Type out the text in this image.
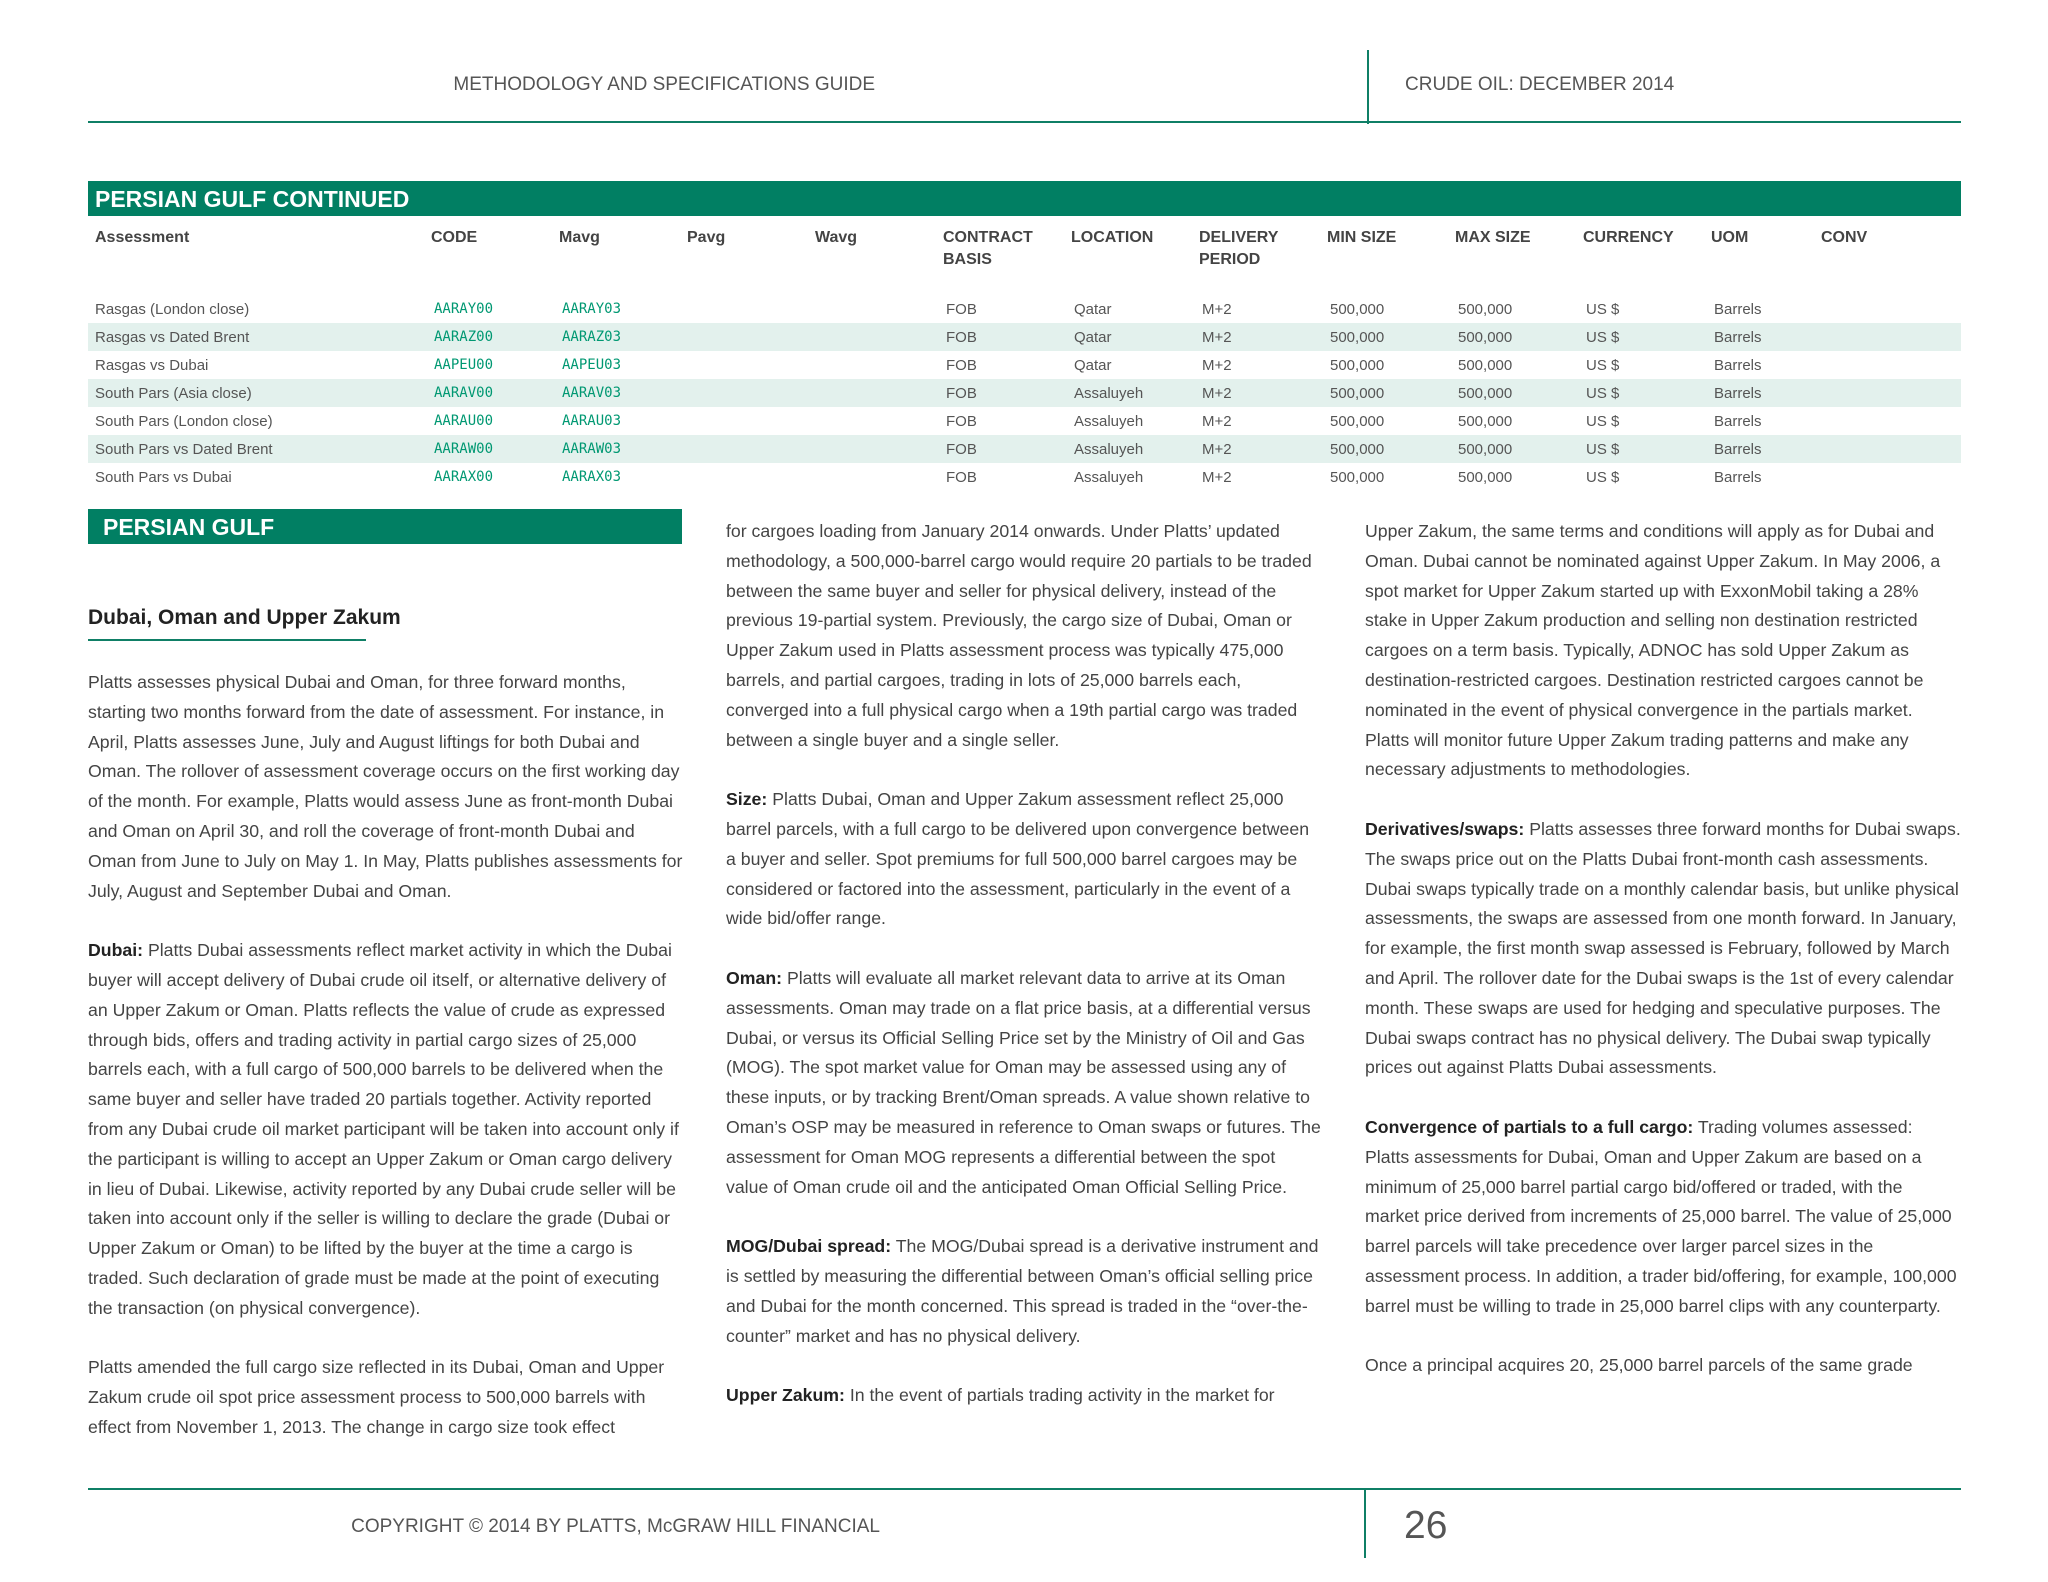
METHODOLOGY AND SPECIFICATIONS GUIDE	CRUDE OIL: DECEMBER 2014
PERSIAN GULF CONTINUED
Assessment	CODE	Mavg	Pavg	Wavg	CONTRACT BASIS	LOCATION	DELIVERY PERIOD	MIN SIZE	MAX SIZE	CURRENCY	UOM	CONV
Rasgas (London close)	AARAY00	AARAY03			FOB	Qatar	M+2	500,000	500,000	US $	Barrels	
Rasgas vs Dated Brent	AARAZ00	AARAZ03			FOB	Qatar	M+2	500,000	500,000	US $	Barrels	
Rasgas vs Dubai	AAPEU00	AAPEU03			FOB	Qatar	M+2	500,000	500,000	US $	Barrels	
South Pars (Asia close)	AARAV00	AARAV03			FOB	Assaluyeh	M+2	500,000	500,000	US $	Barrels	
South Pars (London close)	AARAU00	AARAU03			FOB	Assaluyeh	M+2	500,000	500,000	US $	Barrels	
South Pars vs Dated Brent	AARAW00	AARAW03			FOB	Assaluyeh	M+2	500,000	500,000	US $	Barrels	
South Pars vs Dubai	AARAX00	AARAX03			FOB	Assaluyeh	M+2	500,000	500,000	US $	Barrels	
PERSIAN GULF
Dubai, Oman and Upper Zakum

Platts assesses physical Dubai and Oman, for three forward months, starting two months forward from the date of assessment. For instance, in April, Platts assesses June, July and August liftings for both Dubai and Oman. The rollover of assessment coverage occurs on the first working day of the month. For example, Platts would assess June as front-month Dubai and Oman on April 30, and roll the coverage of front-month Dubai and Oman from June to July on May 1. In May, Platts publishes assessments for July, August and September Dubai and Oman.

Dubai: Platts Dubai assessments reflect market activity in which the Dubai buyer will accept delivery of Dubai crude oil itself, or alternative delivery of an Upper Zakum or Oman. Platts reflects the value of crude as expressed through bids, offers and trading activity in partial cargo sizes of 25,000 barrels each, with a full cargo of 500,000 barrels to be delivered when the same buyer and seller have traded 20 partials together. Activity reported from any Dubai crude oil market participant will be taken into account only if the participant is willing to accept an Upper Zakum or Oman cargo delivery in lieu of Dubai. Likewise, activity reported by any Dubai crude seller will be taken into account only if the seller is willing to declare the grade (Dubai or Upper Zakum or Oman) to be lifted by the buyer at the time a cargo is traded. Such declaration of grade must be made at the point of executing the transaction (on physical convergence).

Platts amended the full cargo size reflected in its Dubai, Oman and Upper Zakum crude oil spot price assessment process to 500,000 barrels with effect from November 1, 2013. The change in cargo size took effect

for cargoes loading from January 2014 onwards. Under Platts’ updated methodology, a 500,000-barrel cargo would require 20 partials to be traded between the same buyer and seller for physical delivery, instead of the previous 19-partial system. Previously, the cargo size of Dubai, Oman or Upper Zakum used in Platts assessment process was typically 475,000 barrels, and partial cargoes, trading in lots of 25,000 barrels each, converged into a full physical cargo when a 19th partial cargo was traded between a single buyer and a single seller.

Size: Platts Dubai, Oman and Upper Zakum assessment reflect 25,000 barrel parcels, with a full cargo to be delivered upon convergence between a buyer and seller. Spot premiums for full 500,000 barrel cargoes may be considered or factored into the assessment, particularly in the event of a wide bid/offer range.

Oman: Platts will evaluate all market relevant data to arrive at its Oman assessments. Oman may trade on a flat price basis, at a differential versus Dubai, or versus its Official Selling Price set by the Ministry of Oil and Gas (MOG). The spot market value for Oman may be assessed using any of these inputs, or by tracking Brent/Oman spreads. A value shown relative to Oman’s OSP may be measured in reference to Oman swaps or futures. The assessment for Oman MOG represents a differential between the spot value of Oman crude oil and the anticipated Oman Official Selling Price.

MOG/Dubai spread: The MOG/Dubai spread is a derivative instrument and is settled by measuring the differential between Oman’s official selling price and Dubai for the month concerned. This spread is traded in the “over-the-counter” market and has no physical delivery.

Upper Zakum: In the event of partials trading activity in the market for

Upper Zakum, the same terms and conditions will apply as for Dubai and Oman. Dubai cannot be nominated against Upper Zakum. In May 2006, a spot market for Upper Zakum started up with ExxonMobil taking a 28% stake in Upper Zakum production and selling non destination restricted cargoes on a term basis. Typically, ADNOC has sold Upper Zakum as destination-restricted cargoes. Destination restricted cargoes cannot be nominated in the event of physical convergence in the partials market. Platts will monitor future Upper Zakum trading patterns and make any necessary adjustments to methodologies.

Derivatives/swaps: Platts assesses three forward months for Dubai swaps. The swaps price out on the Platts Dubai front-month cash assessments. Dubai swaps typically trade on a monthly calendar basis, but unlike physical assessments, the swaps are assessed from one month forward. In January, for example, the first month swap assessed is February, followed by March and April. The rollover date for the Dubai swaps is the 1st of every calendar month. These swaps are used for hedging and speculative purposes. The Dubai swaps contract has no physical delivery. The Dubai swap typically prices out against Platts Dubai assessments.

Convergence of partials to a full cargo: Trading volumes assessed: Platts assessments for Dubai, Oman and Upper Zakum are based on a minimum of 25,000 barrel partial cargo bid/offered or traded, with the market price derived from increments of 25,000 barrel. The value of 25,000 barrel parcels will take precedence over larger parcel sizes in the assessment process. In addition, a trader bid/offering, for example, 100,000 barrel must be willing to trade in 25,000 barrel clips with any counterparty.

Once a principal acquires 20, 25,000 barrel parcels of the same grade

COPYRIGHT © 2014 BY PLATTS, McGRAW HILL FINANCIAL	26
